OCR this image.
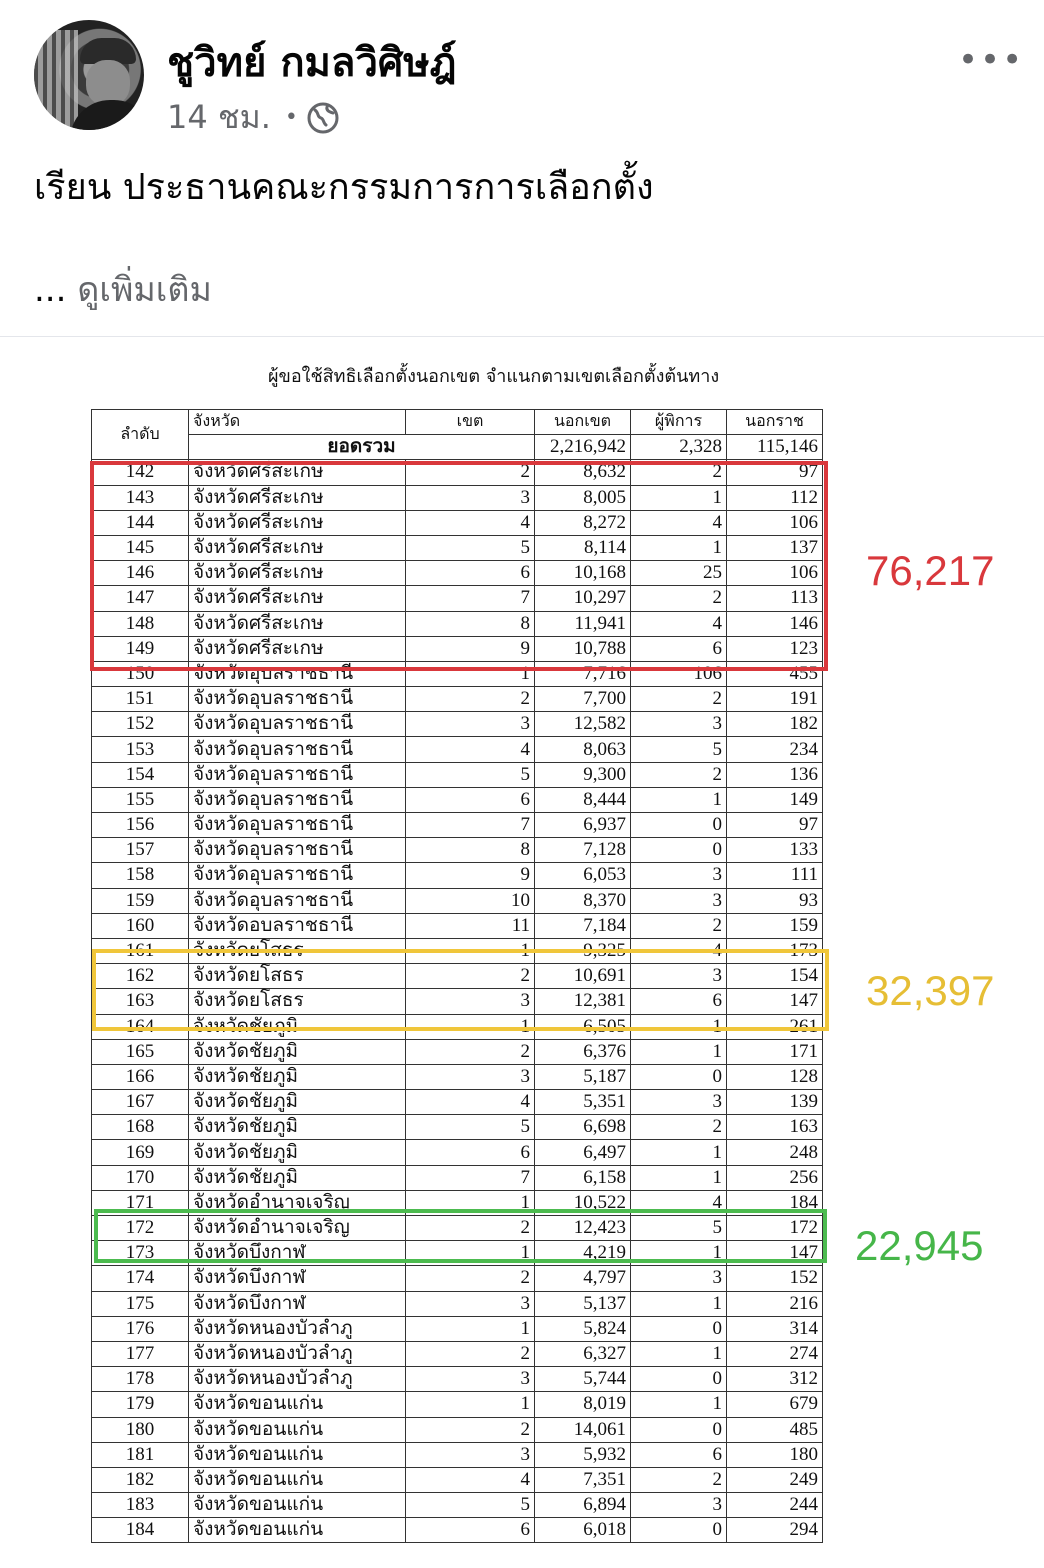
ชูวิทย์ กมลวิศิษฎ์
14 ชม. •
•••
เรียน ประธานคณะกรรมการการเลือกตั้ง
... ดูเพิ่มเติม
ผู้ขอใช้สิทธิเลือกตั้งนอกเขต จำแนกตามเขตเลือกตั้งต้นทาง
ลำดับ	จังหวัด	เขต	นอกเขต	ผู้พิการ	นอกราช
	ยอดรวม		2,216,942	2,328	115,146
142	จังหวัดศรีสะเกษ	2	8,632	2	97
143	จังหวัดศรีสะเกษ	3	8,005	1	112
144	จังหวัดศรีสะเกษ	4	8,272	4	106
145	จังหวัดศรีสะเกษ	5	8,114	1	137
146	จังหวัดศรีสะเกษ	6	10,168	25	106
147	จังหวัดศรีสะเกษ	7	10,297	2	113
148	จังหวัดศรีสะเกษ	8	11,941	4	146
149	จังหวัดศรีสะเกษ	9	10,788	6	123
150	จังหวัดอุบลราชธานี	1	7,716	106	455
151	จังหวัดอุบลราชธานี	2	7,700	2	191
152	จังหวัดอุบลราชธานี	3	12,582	3	182
153	จังหวัดอุบลราชธานี	4	8,063	5	234
154	จังหวัดอุบลราชธานี	5	9,300	2	136
155	จังหวัดอุบลราชธานี	6	8,444	1	149
156	จังหวัดอุบลราชธานี	7	6,937	0	97
157	จังหวัดอุบลราชธานี	8	7,128	0	133
158	จังหวัดอุบลราชธานี	9	6,053	3	111
159	จังหวัดอุบลราชธานี	10	8,370	3	93
160	จังหวัดอบลราชธานี	11	7,184	2	159
161	จังหวัดยโสธร	1	9,325	4	173
162	จังหวัดยโสธร	2	10,691	3	154
163	จังหวัดยโสธร	3	12,381	6	147
164	จังหวัดชัยภูมิ	1	6,505	1	261
165	จังหวัดชัยภูมิ	2	6,376	1	171
166	จังหวัดชัยภูมิ	3	5,187	0	128
167	จังหวัดชัยภูมิ	4	5,351	3	139
168	จังหวัดชัยภูมิ	5	6,698	2	163
169	จังหวัดชัยภูมิ	6	6,497	1	248
170	จังหวัดชัยภูมิ	7	6,158	1	256
171	จังหวัดอำนาจเจริญ	1	10,522	4	184
172	จังหวัดอำนาจเจริญ	2	12,423	5	172
173	จังหวัดบึงกาฬ	1	4,219	1	147
174	จังหวัดบึงกาฬ	2	4,797	3	152
175	จังหวัดบึงกาฬ	3	5,137	1	216
176	จังหวัดหนองบัวลำภู	1	5,824	0	314
177	จังหวัดหนองบัวลำภู	2	6,327	1	274
178	จังหวัดหนองบัวลำภู	3	5,744	0	312
179	จังหวัดขอนแก่น	1	8,019	1	679
180	จังหวัดขอนแก่น	2	14,061	0	485
181	จังหวัดขอนแก่น	3	5,932	6	180
182	จังหวัดขอนแก่น	4	7,351	2	249
183	จังหวัดขอนแก่น	5	6,894	3	244
184	จังหวัดขอนแก่น	6	6,018	0	294
76,217
32,397
22,945
